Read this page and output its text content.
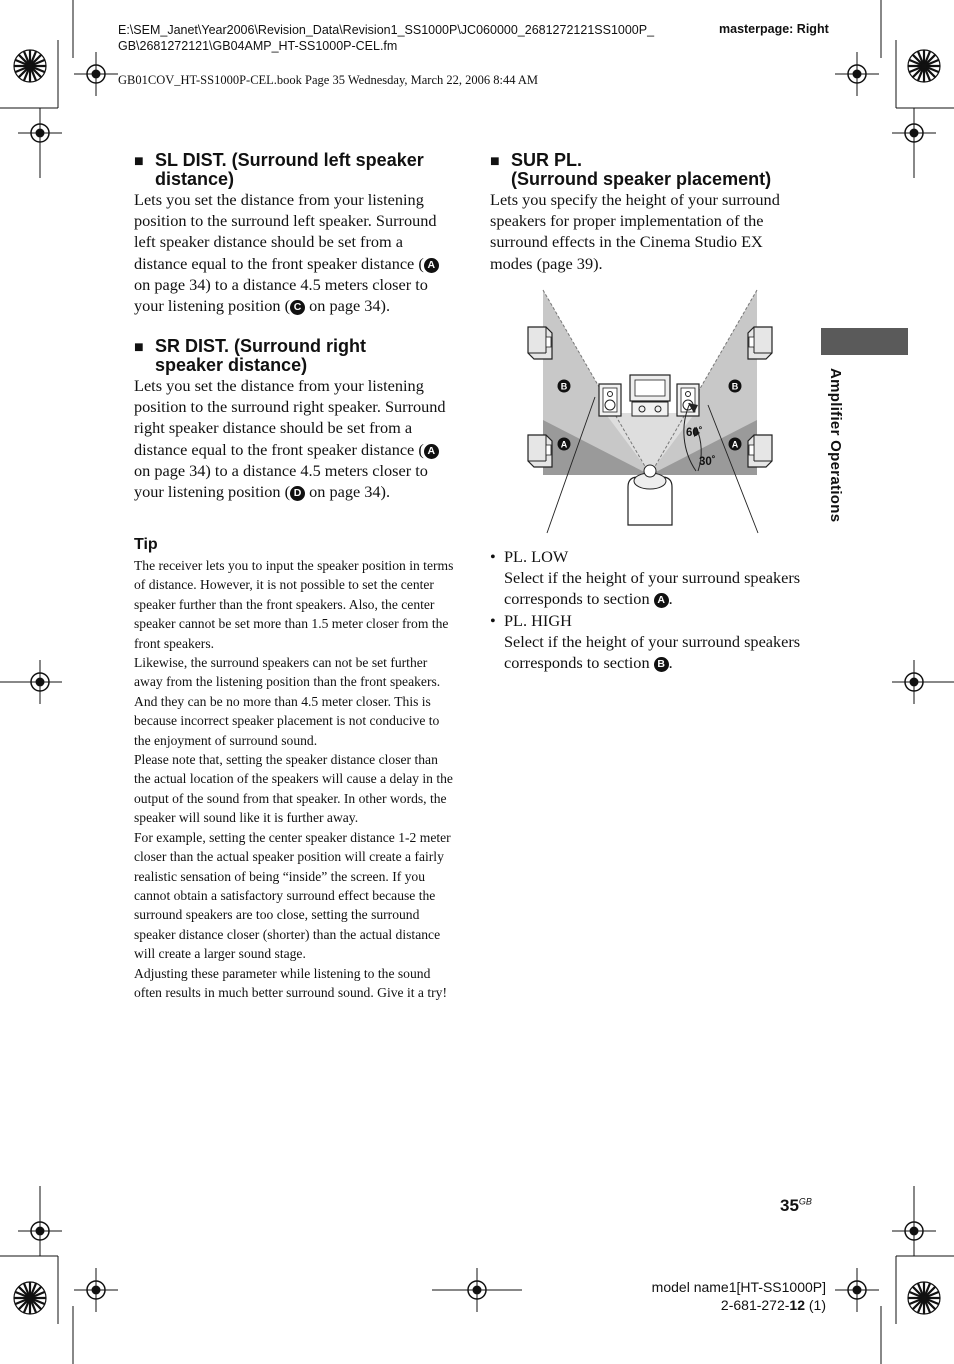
E:\SEM_Janet\Year2006\Revision_Data\Revision1_SS1000P\JC060000_2681272121SS1000P_
GB\2681272121\GB04AMP_HT-SS1000P-CEL.fm
masterpage: Right
GB01COV_HT-SS1000P-CEL.book Page 35 Wednesday, March 22, 2006 8:44 AM
■ SL DIST. (Surround left speaker
distance)
Lets you set the distance from your listening position to the surround left speaker. Surround left speaker distance should be set from a distance equal to the front speaker distance ( A on page 34) to a distance 4.5 meters closer to your listening position ( C on page 34).
■ SR DIST. (Surround right
speaker distance)
Lets you set the distance from your listening position to the surround right speaker. Surround right speaker distance should be set from a distance equal to the front speaker distance ( A on page 34) to a distance 4.5 meters closer to your listening position ( D on page 34).
Tip
The receiver lets you to input the speaker position in terms of distance. However, it is not possible to set the center speaker further than the front speakers. Also, the center speaker cannot be set more than 1.5 meter closer from the front speakers.
Likewise, the surround speakers can not be set further away from the listening position than the front speakers. And they can be no more than 4.5 meter closer. This is because incorrect speaker placement is not conducive to the enjoyment of surround sound.
Please note that, setting the speaker distance closer than the actual location of the speakers will cause a delay in the output of the sound from that speaker. In other words, the speaker will sound like it is further away.
For example, setting the center speaker distance 1-2 meter closer than the actual speaker position will create a fairly realistic sensation of being “inside” the screen. If you cannot obtain a satisfactory surround effect because the surround speakers are too close, setting the surround speaker distance closer (shorter) than the actual distance will create a larger sound stage.
Adjusting these parameter while listening to the sound often results in much better surround sound. Give it a try!
■ SUR PL.
(Surround speaker placement)
Lets you specify the height of your surround speakers for proper implementation of the surround effects in the Cinema Studio EX modes (page 39).
B	B
A	A
60˚
30˚
• PL. LOW
Select if the height of your surround speakers corresponds to section A .
• PL. HIGH
Select if the height of your surround speakers corresponds to section B .
Amplifier Operations
$35^{GB}$
model name1[HT-SS1000P]
2-681-272-12 (1)
